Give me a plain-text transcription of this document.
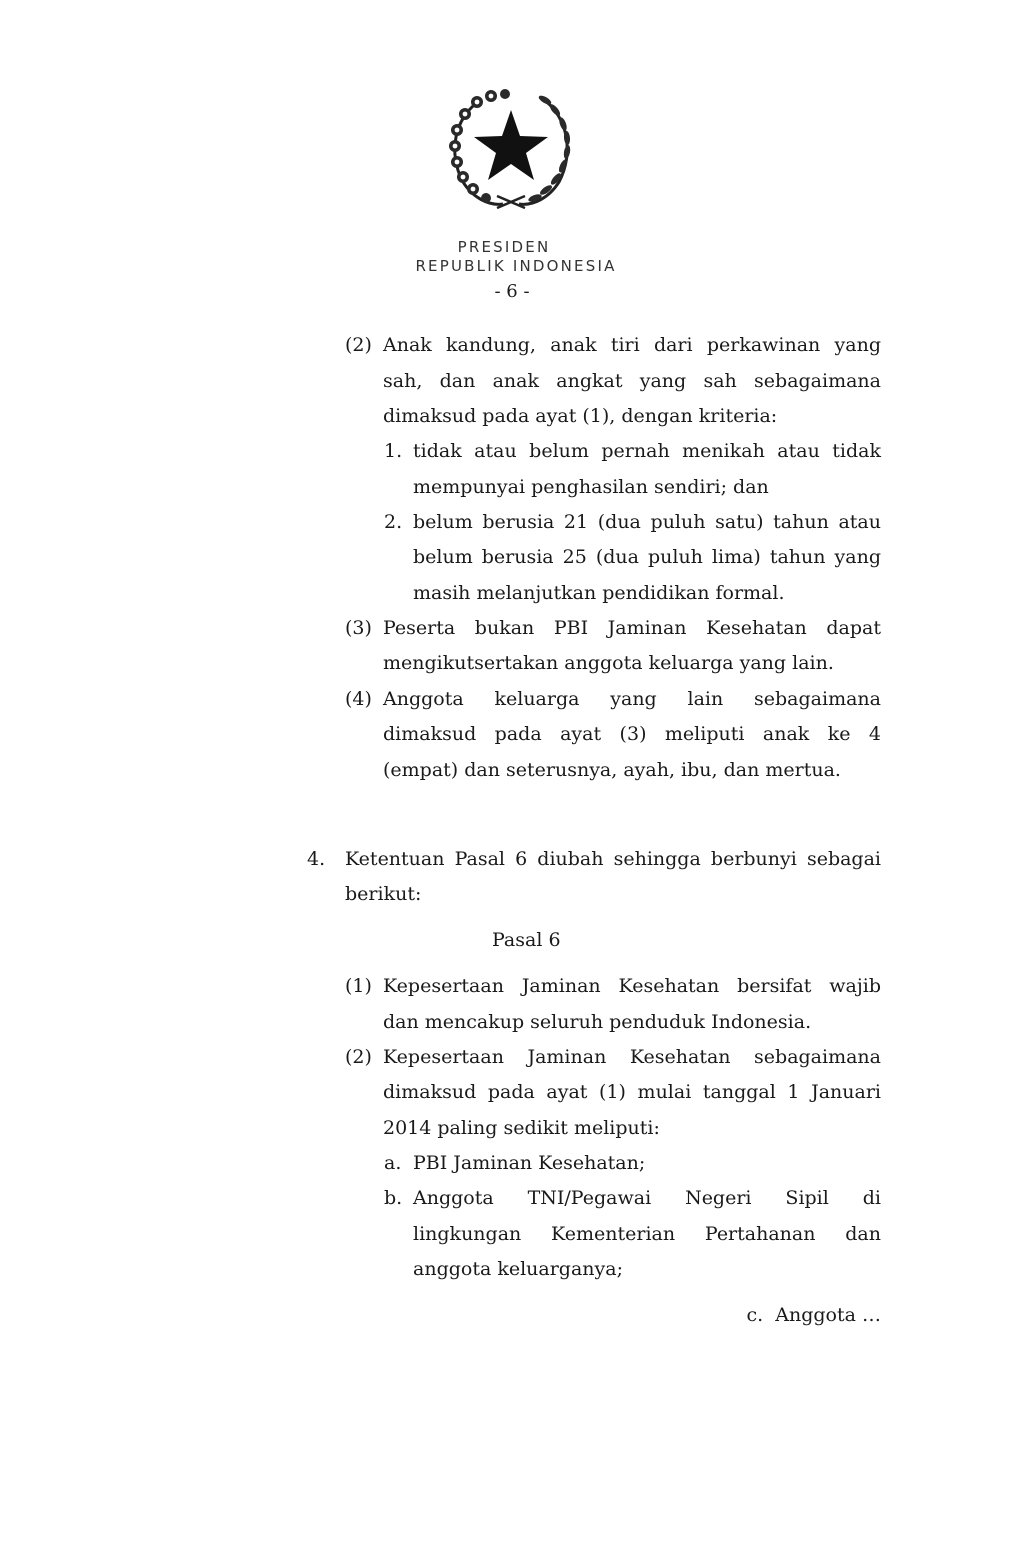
PRESIDEN
REPUBLIK INDONESIA
- 6 -
(2) Anak kandung, anak tiri dari perkawinan yang
sah, dan anak angkat yang sah sebagaimana
dimaksud pada ayat (1), dengan kriteria:
1. tidak atau belum pernah menikah atau tidak
mempunyai penghasilan sendiri; dan
2. belum berusia 21 (dua puluh satu) tahun atau
belum berusia 25 (dua puluh lima) tahun yang
masih melanjutkan pendidikan formal.
(3) Peserta bukan PBI Jaminan Kesehatan dapat
mengikutsertakan anggota keluarga yang lain.
(4) Anggota keluarga yang lain sebagaimana
dimaksud pada ayat (3) meliputi anak ke 4
(empat) dan seterusnya, ayah, ibu, dan mertua.
4. Ketentuan Pasal 6 diubah sehingga berbunyi sebagai
berikut:
Pasal 6
(1) Kepesertaan Jaminan Kesehatan bersifat wajib
dan mencakup seluruh penduduk Indonesia.
(2) Kepesertaan Jaminan Kesehatan sebagaimana
dimaksud pada ayat (1) mulai tanggal 1 Januari
2014 paling sedikit meliputi:
a. PBI Jaminan Kesehatan;
b. Anggota TNI/Pegawai Negeri Sipil di
lingkungan Kementerian Pertahanan dan
anggota keluarganya;
c.  Anggota …
